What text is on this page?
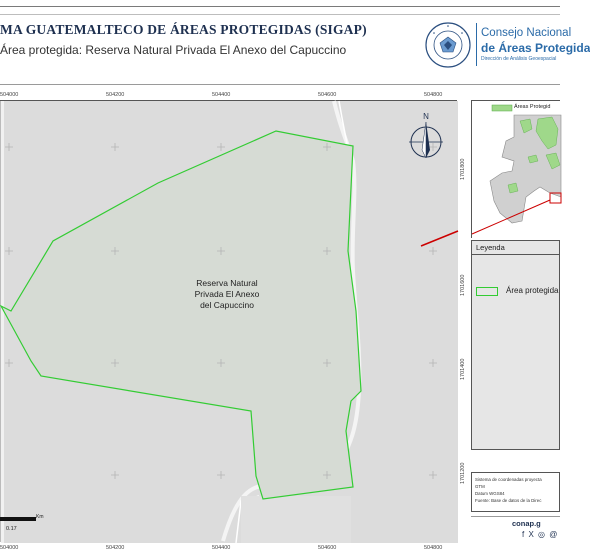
MA GUATEMALTECO DE ÁREAS PROTEGIDAS (SIGAP)
Área protegida: Reserva Natural Privada El Anexo del Capuccino
Consejo Nacional
de Áreas Protegida
Dirección de Análisis Geoespacial
504000	504200	504400	504600	504800
Reserva Natural
Privada El Anexo
del Capuccino
N
Km
0.17
504000	504200	504400	504600	504800
1701800
1701600
1701400
1701200
Áreas Protegid
Leyenda
Área protegida
Sistema de coordenadas proyecta
GTM
Datum WGS84
Fuente: Base de datos de la Direc
conap.g
f X ◎ @
